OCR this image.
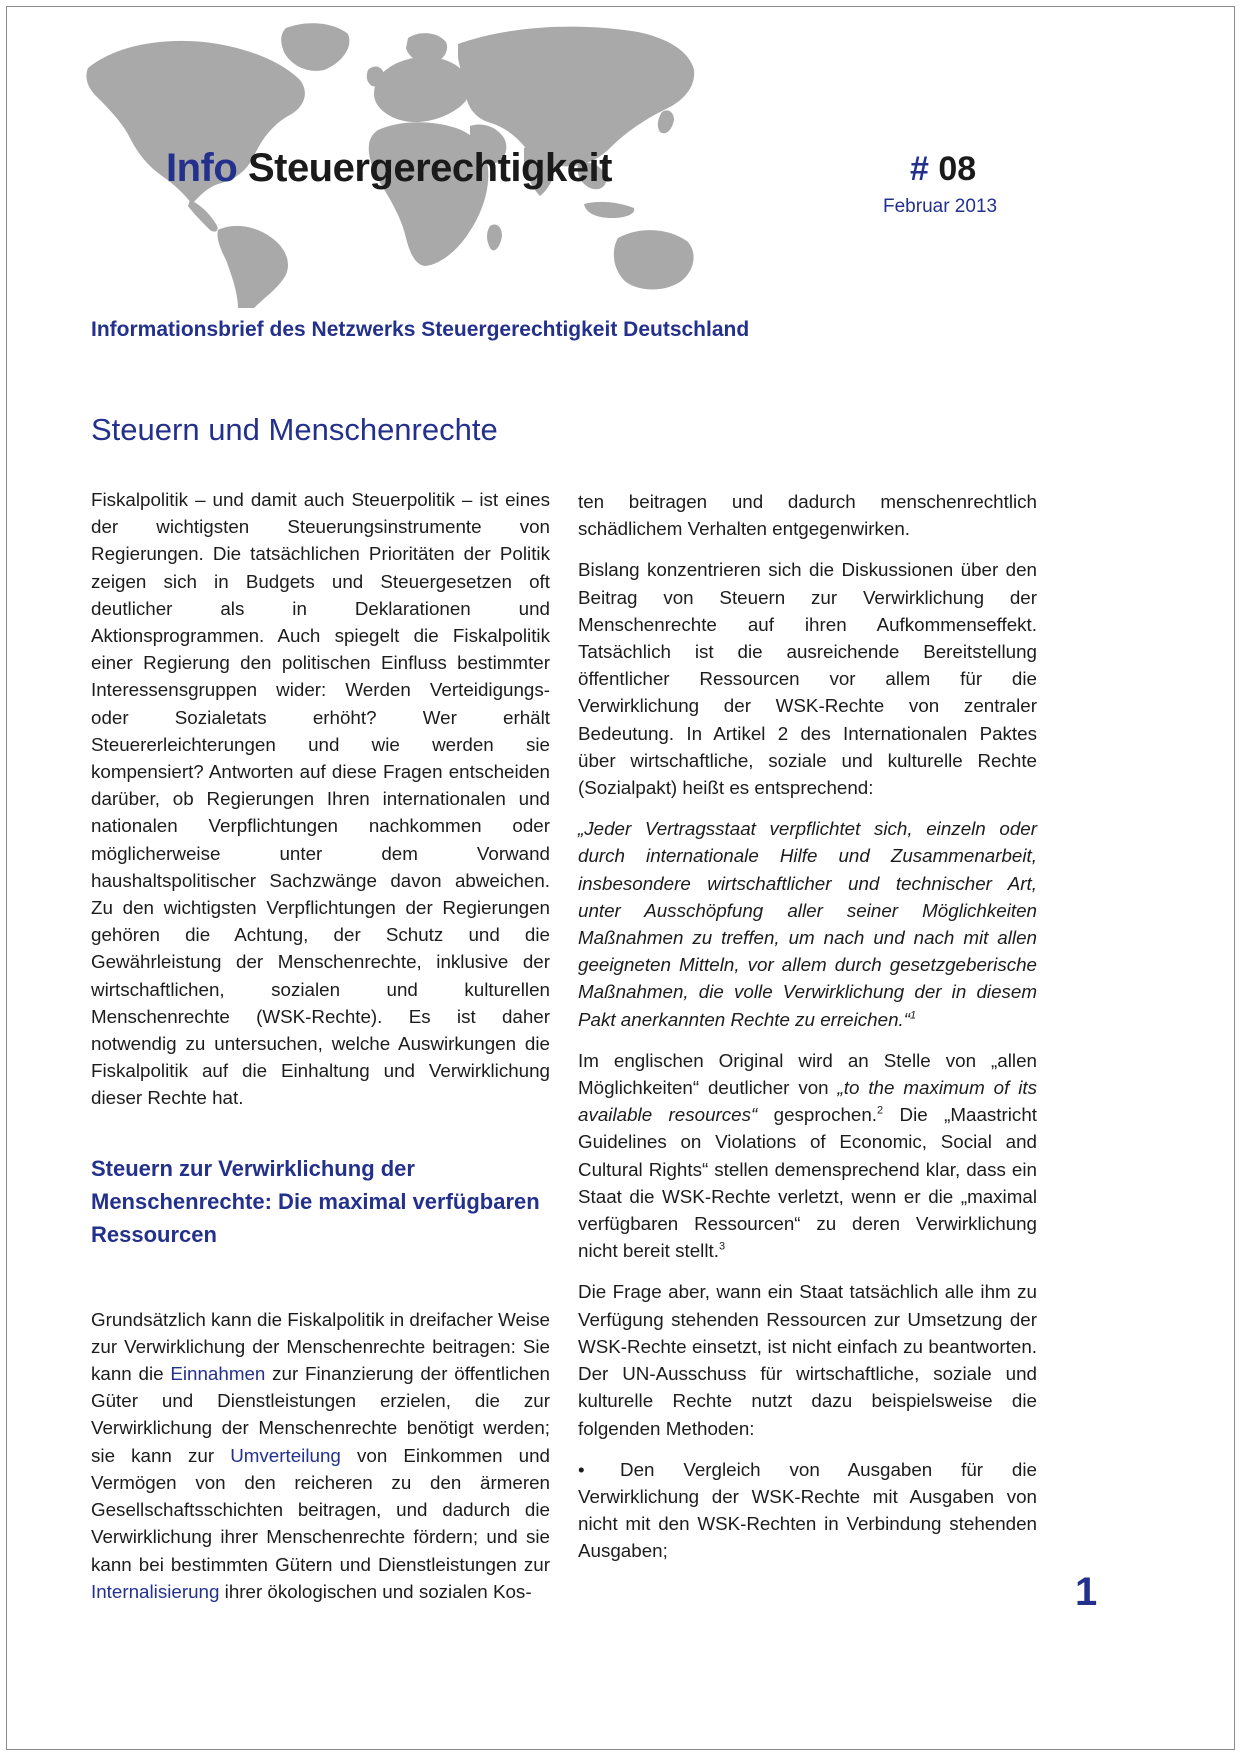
Info Steuergerechtigkeit	# 08
Februar 2013
Informationsbrief des Netzwerks Steuergerechtigkeit Deutschland
Steuern und Menschenrechte

Fiskalpolitik – und damit auch Steuerpolitik – ist eines der wichtigsten Steuerungsinstrumente von Regierungen. Die tatsächlichen Prioritäten der Politik zeigen sich in Budgets und Steuergesetzen oft deutlicher als in Deklarationen und Aktionsprogrammen. Auch spiegelt die Fiskalpolitik einer Regierung den politischen Einfluss bestimmter Interessensgruppen wider: Werden Verteidigungs- oder Sozialetats erhöht? Wer erhält Steuererleichterungen und wie werden sie kompensiert? Antworten auf diese Fragen entscheiden darüber, ob Regierungen Ihren internationalen und nationalen Verpflichtungen nachkommen oder möglicherweise unter dem Vorwand haushaltspolitischer Sachzwänge davon abweichen. Zu den wichtigsten Verpflichtungen der Regierungen gehören die Achtung, der Schutz und die Gewährleistung der Menschenrechte, inklusive der wirtschaftlichen, sozialen und kulturellen Menschenrechte (WSK-Rechte). Es ist daher notwendig zu untersuchen, welche Auswirkungen die Fiskalpolitik auf die Einhaltung und Verwirklichung dieser Rechte hat.

Steuern zur Verwirklichung der Menschenrechte: Die maximal verfügbaren Ressourcen

Grundsätzlich kann die Fiskalpolitik in dreifacher Weise zur Verwirklichung der Menschenrechte beitragen: Sie kann die Einnahmen zur Finanzierung der öffentlichen Güter und Dienstleistungen erzielen, die zur Verwirklichung der Menschenrechte benötigt werden; sie kann zur Umverteilung von Einkommen und Vermögen von den reicheren zu den ärmeren Gesellschaftsschichten beitragen, und dadurch die Verwirklichung ihrer Menschenrechte fördern; und sie kann bei bestimmten Gütern und Dienstleistungen zur Internalisierung ihrer ökologischen und sozialen Kos-

ten beitragen und dadurch menschenrechtlich schädlichem Verhalten entgegenwirken.

Bislang konzentrieren sich die Diskussionen über den Beitrag von Steuern zur Verwirklichung der Menschenrechte auf ihren Aufkommenseffekt. Tatsächlich ist die ausreichende Bereitstellung öffentlicher Ressourcen vor allem für die Verwirklichung der WSK-Rechte von zentraler Bedeutung. In Artikel 2 des Internationalen Paktes über wirtschaftliche, soziale und kulturelle Rechte (Sozialpakt) heißt es entsprechend:

„Jeder Vertragsstaat verpflichtet sich, einzeln oder durch internationale Hilfe und Zusammenarbeit, insbesondere wirtschaftlicher und technischer Art, unter Ausschöpfung aller seiner Möglichkeiten Maßnahmen zu treffen, um nach und nach mit allen geeigneten Mitteln, vor allem durch gesetzgeberische Maßnahmen, die volle Verwirklichung der in diesem Pakt anerkannten Rechte zu erreichen.“$^1$

Im englischen Original wird an Stelle von „allen Möglichkeiten“ deutlicher von „to the maximum of its available resources“ gesprochen.$^2$ Die „Maastricht Guidelines on Violations of Economic, Social and Cultural Rights“ stellen demensprechend klar, dass ein Staat die WSK-Rechte verletzt, wenn er die „maximal verfügbaren Ressourcen“ zu deren Verwirklichung nicht bereit stellt.$^3$

Die Frage aber, wann ein Staat tatsächlich alle ihm zu Verfügung stehenden Ressourcen zur Umsetzung der WSK-Rechte einsetzt, ist nicht einfach zu beantworten. Der UN-Ausschuss für wirtschaftliche, soziale und kulturelle Rechte nutzt dazu beispielsweise die folgenden Methoden:

• Den Vergleich von Ausgaben für die Verwirklichung der WSK-Rechte mit Ausgaben von nicht mit den WSK-Rechten in Verbindung stehenden Ausgaben;

1
